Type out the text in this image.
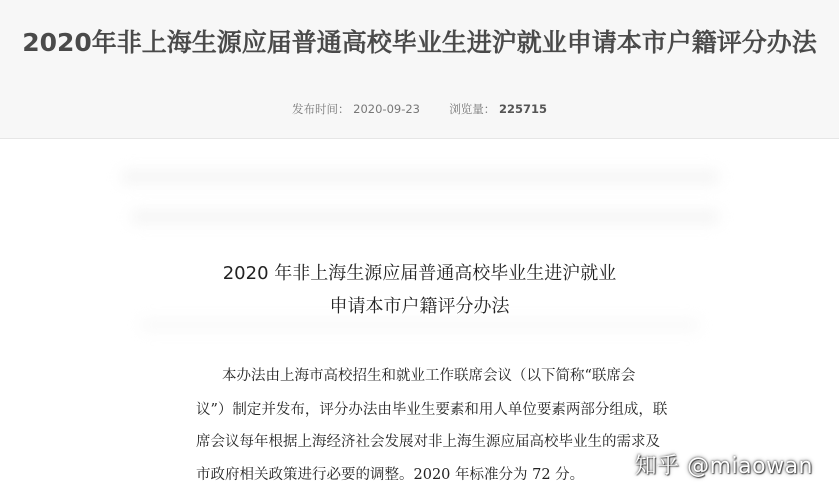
2020年非上海生源应届普通高校毕业生进沪就业申请本市户籍评分办法
发布时间： 2020-09-23	浏览量： 225715
2020 年非上海生源应届普通高校毕业生进沪就业
申请本市户籍评分办法
本办法由上海市高校招生和就业工作联席会议（以下简称“联席会
议”）制定并发布，评分办法由毕业生要素和用人单位要素两部分组成，联
席会议每年根据上海经济社会发展对非上海生源应届高校毕业生的需求及
市政府相关政策进行必要的调整。2020 年标准分为 72 分。 知乎 @miaowan
